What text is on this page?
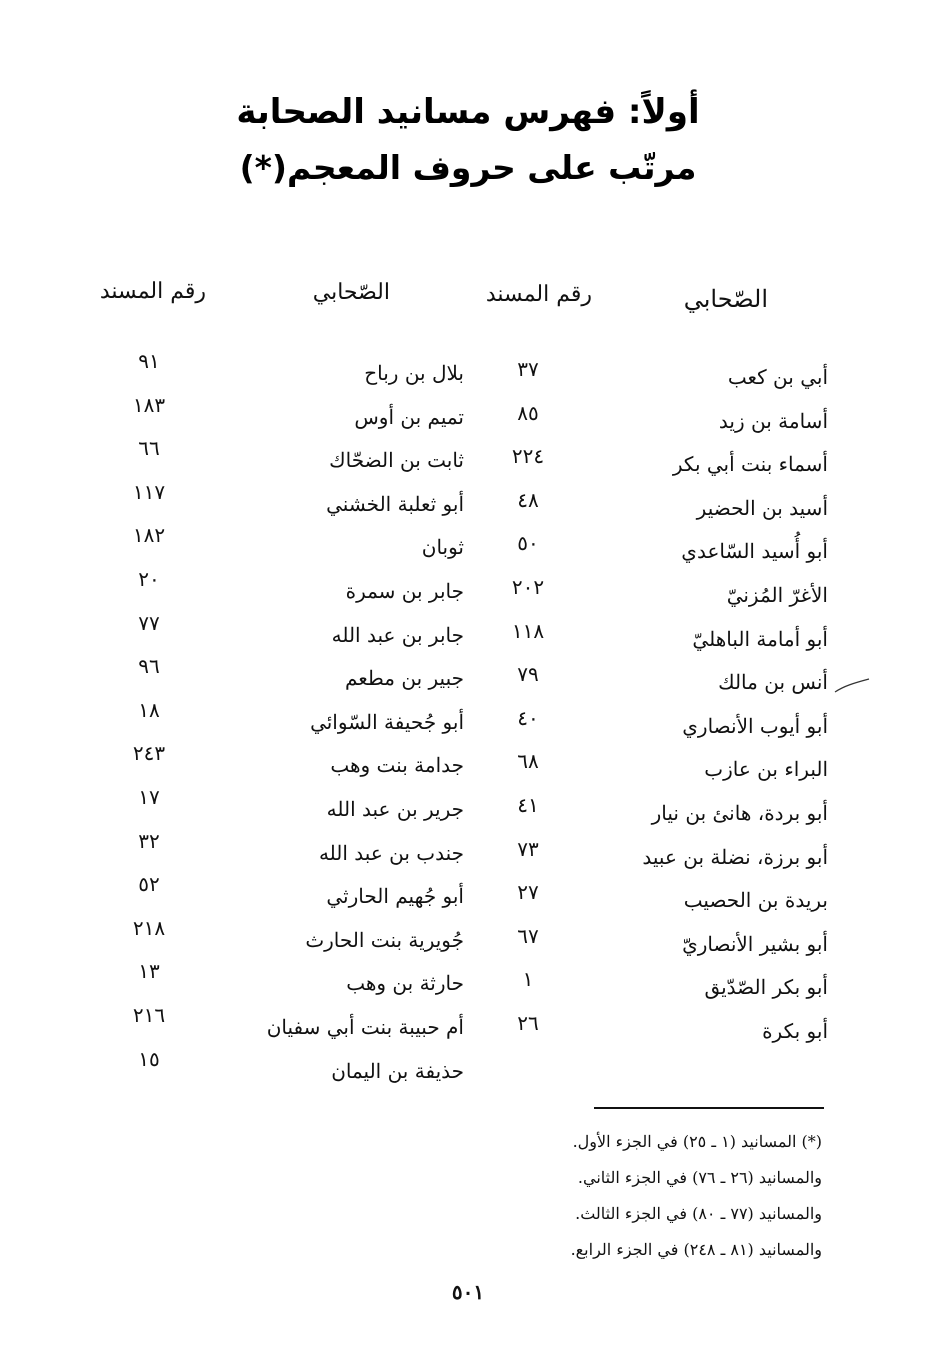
أولاً: فهرس مسانيد الصحابة
مرتّب على حروف المعجم(*)
الصّحابي
رقم المسند
الصّحابي
رقم المسند
أبي بن كعب
أسامة بن زيد
أسماء بنت أبي بكر
أسيد بن الحضير
أبو أُسيد السّاعدي
الأغرّ المُزنيّ
أبو أمامة الباهليّ
أنس بن مالك
أبو أيوب الأنصاري
البراء بن عازب
أبو بردة، هانئ بن نيار
أبو برزة، نضلة بن عبيد
بريدة بن الحصيب
أبو بشير الأنصاريّ
أبو بكر الصّدّيق
أبو بكرة
٣٧
٨٥
٢٢٤
٤٨
٥٠
٢٠٢
١١٨
٧٩
٤٠
٦٨
٤١
٧٣
٢٧
٦٧
١
٢٦
بلال بن رباح
تميم بن أوس
ثابت بن الضحّاك
أبو ثعلبة الخشني
ثوبان
جابر بن سمرة
جابر بن عبد الله
جبير بن مطعم
أبو جُحيفة السّوائي
جدامة بنت وهب
جرير بن عبد الله
جندب بن عبد الله
أبو جُهيم الحارثي
جُويرية بنت الحارث
حارثة بن وهب
أم حبيبة بنت أبي سفيان
حذيفة بن اليمان
٩١
١٨٣
٦٦
١١٧
١٨٢
٢٠
٧٧
٩٦
١٨
٢٤٣
١٧
٣٢
٥٢
٢١٨
١٣
٢١٦
١٥
(*) المسانيد (١ ـ ٢٥) في الجزء الأول.
والمسانيد (٢٦ ـ ٧٦) في الجزء الثاني.
والمسانيد (٧٧ ـ ٨٠) في الجزء الثالث.
والمسانيد (٨١ ـ ٢٤٨) في الجزء الرابع.
٥٠١
